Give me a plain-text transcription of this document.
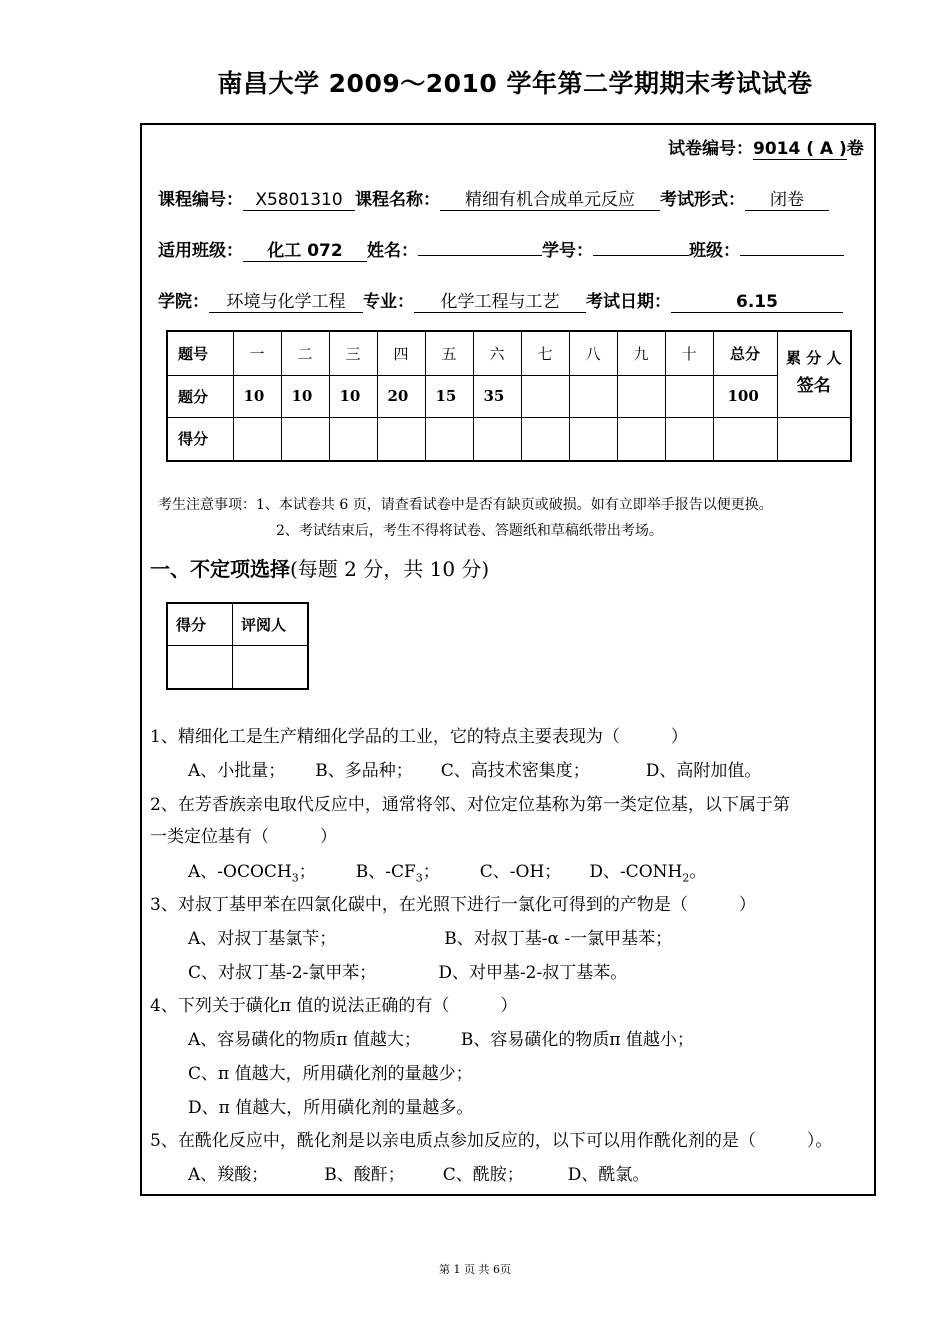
南昌大学 2009～2010 学年第二学期期末考试试卷
试卷编号：9014 ( A )卷
课程编号： X5801310 课程名称： 精细有机合成单元反应 考试形式： 闭卷
适用班级： 化工 072 姓名：	学号：	班级：
学院： 环境与化学工程 专业： 化学工程与工艺 考试日期：	6.15
题号	一	二	三	四	五	六	七	八	九	十	总分	累 分 人
签名

题分	10	10	10	20	15	35					100	
得分												
考生注意事项：1、本试卷共 6 页，请查看试卷中是否有缺页或破损。如有立即举手报告以便更换。
2、考试结束后，考生不得将试卷、答题纸和草稿纸带出考场。
一、不定项选择(每题 2 分，共 10 分)
得分	评阅人

1、精细化工是生产精细化学品的工业，它的特点主要表现为（　　　）
A、小批量； B、多品种； C、高技术密集度；	D、高附加值。
2、在芳香族亲电取代反应中，通常将邻、对位定位基称为第一类定位基，以下属于第
一类定位基有（　　　）
A、$-OCOCH_3$； B、$-CF_3$； C、-OH； D、$-CONH_2$。
3、对叔丁基甲苯在四氯化碳中，在光照下进行一氯化可得到的产物是（　　　）
A、对叔丁基氯苄；	B、对叔丁基-α -一氯甲基苯；
C、对叔丁基-2-氯甲苯；	D、对甲基-2-叔丁基苯。
4、下列关于磺化π 值的说法正确的有（　　　）
A、容易磺化的物质π 值越大； B、容易磺化的物质π 值越小；
C、π 值越大，所用磺化剂的量越少；
D、π 值越大，所用磺化剂的量越多。
5、在酰化反应中，酰化剂是以亲电质点参加反应的，以下可以用作酰化剂的是（　　　）。
A、羧酸；	B、酸酐； C、酰胺；	D、酰氯。
第 1 页 共 6页
